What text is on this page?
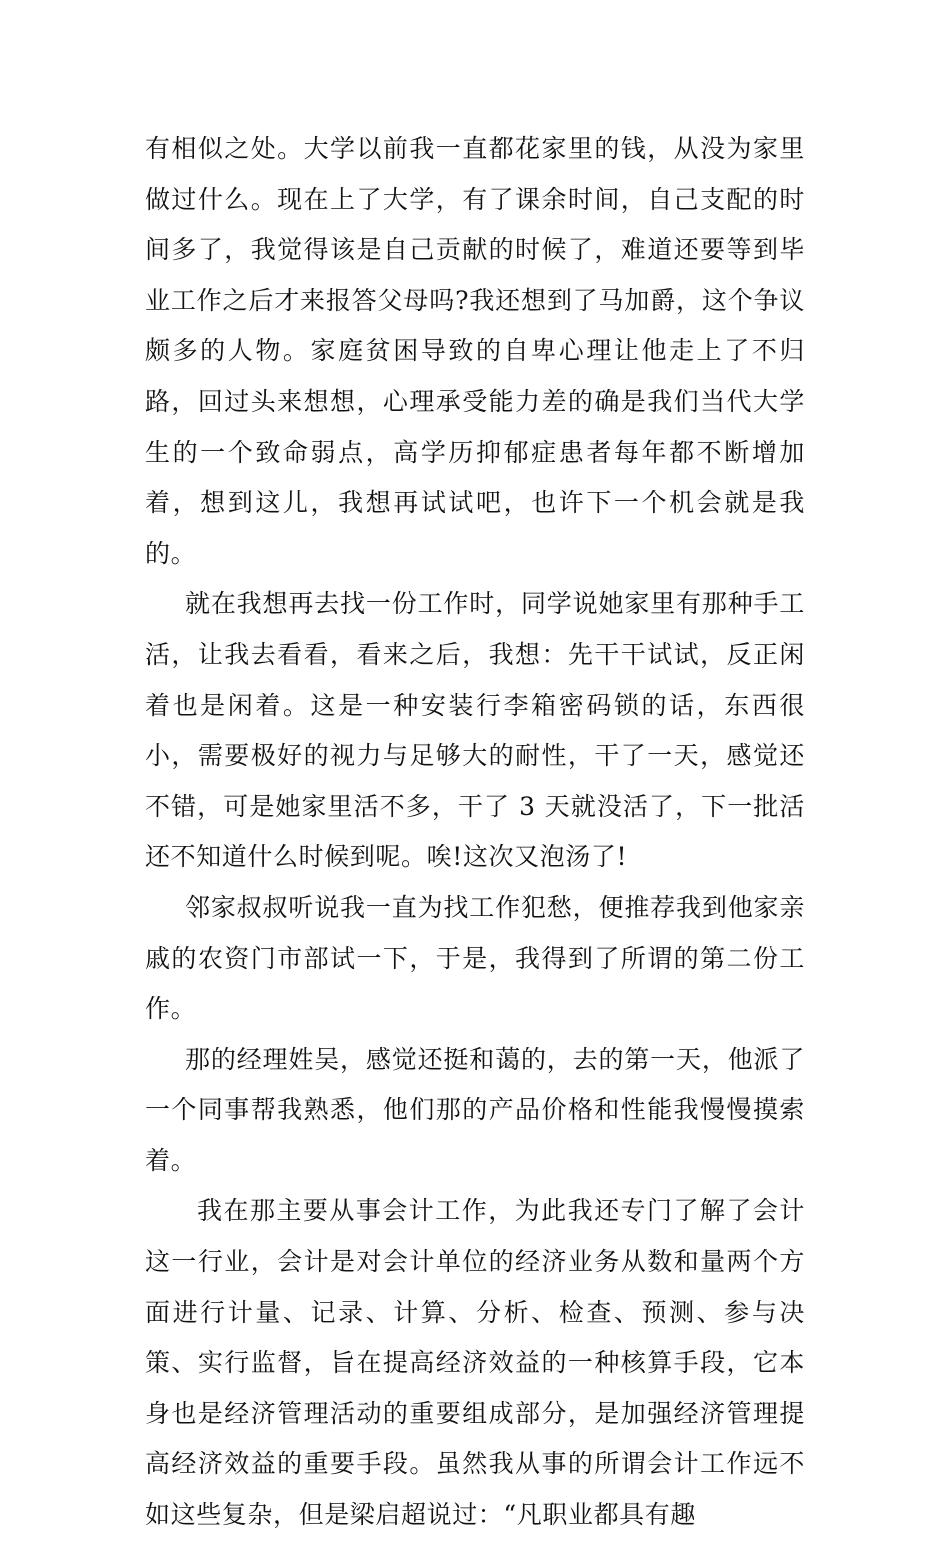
有相似之处。大学以前我一直都花家里的钱，从没为家里做过什么。现在上了大学，有了课余时间，自己支配的时间多了，我觉得该是自己贡献的时候了，难道还要等到毕业工作之后才来报答父母吗?我还想到了马加爵，这个争议颇多的人物。家庭贫困导致的自卑心理让他走上了不归路，回过头来想想，心理承受能力差的确是我们当代大学生的一个致命弱点，高学历抑郁症患者每年都不断增加着，想到这儿，我想再试试吧，也许下一个机会就是我的。

就在我想再去找一份工作时，同学说她家里有那种手工活，让我去看看，看来之后，我想：先干干试试，反正闲着也是闲着。这是一种安装行李箱密码锁的话，东西很小，需要极好的视力与足够大的耐性，干了一天，感觉还不错，可是她家里活不多，干了 3 天就没活了，下一批活还不知道什么时候到呢。唉!这次又泡汤了!

邻家叔叔听说我一直为找工作犯愁，便推荐我到他家亲戚的农资门市部试一下，于是，我得到了所谓的第二份工作。

那的经理姓吴，感觉还挺和蔼的，去的第一天，他派了一个同事帮我熟悉，他们那的产品价格和性能我慢慢摸索着。

我在那主要从事会计工作，为此我还专门了解了会计这一行业，会计是对会计单位的经济业务从数和量两个方面进行计量、记录、计算、分析、检查、预测、参与决策、实行监督，旨在提高经济效益的一种核算手段，它本身也是经济管理活动的重要组成部分，是加强经济管理提高经济效益的重要手段。虽然我从事的所谓会计工作远不如这些复杂，但是梁启超说过：“凡职业都具有趣
